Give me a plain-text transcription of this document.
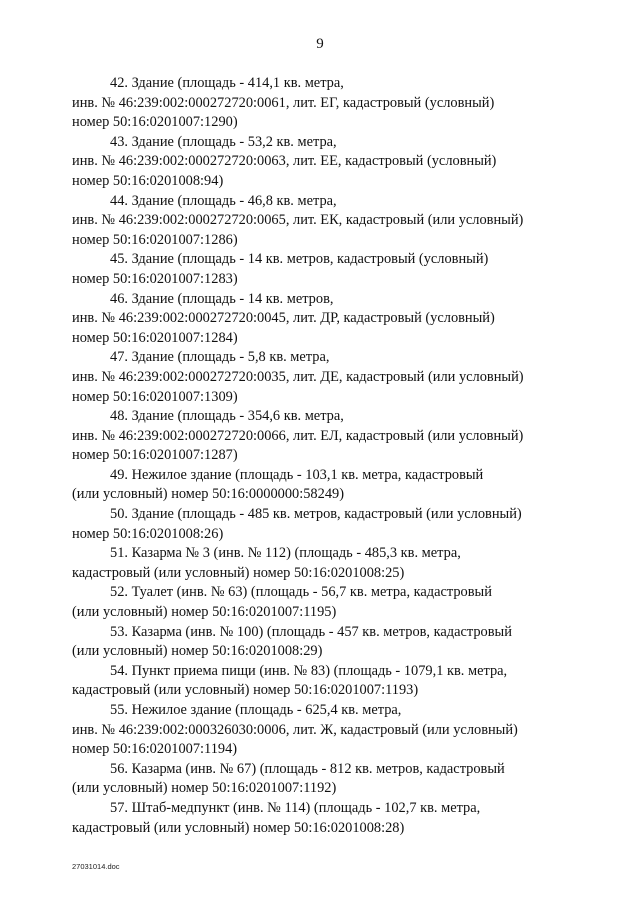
9
42. Здание (площадь - 414,1 кв. метра,
инв. № 46:239:002:000272720:0061, лит. ЕГ, кадастровый (условный)
номер 50:16:0201007:1290)
43. Здание (площадь - 53,2 кв. метра,
инв. № 46:239:002:000272720:0063, лит. ЕЕ, кадастровый (условный)
номер 50:16:0201008:94)
44. Здание (площадь - 46,8 кв. метра,
инв. № 46:239:002:000272720:0065, лит. ЕК, кадастровый (или условный)
номер 50:16:0201007:1286)
45. Здание (площадь - 14 кв. метров, кадастровый (условный)
номер 50:16:0201007:1283)
46. Здание (площадь - 14 кв. метров,
инв. № 46:239:002:000272720:0045, лит. ДР, кадастровый (условный)
номер 50:16:0201007:1284)
47. Здание (площадь - 5,8 кв. метра,
инв. № 46:239:002:000272720:0035, лит. ДЕ, кадастровый (или условный)
номер 50:16:0201007:1309)
48. Здание (площадь - 354,6 кв. метра,
инв. № 46:239:002:000272720:0066, лит. ЕЛ, кадастровый (или условный)
номер 50:16:0201007:1287)
49. Нежилое здание (площадь - 103,1 кв. метра, кадастровый
(или условный) номер 50:16:0000000:58249)
50. Здание (площадь - 485 кв. метров, кадастровый (или условный)
номер 50:16:0201008:26)
51. Казарма № 3 (инв. № 112) (площадь - 485,3 кв. метра,
кадастровый (или условный) номер 50:16:0201008:25)
52. Туалет (инв. № 63) (площадь - 56,7 кв. метра, кадастровый
(или условный) номер 50:16:0201007:1195)
53. Казарма (инв. № 100) (площадь - 457 кв. метров, кадастровый
(или условный) номер 50:16:0201008:29)
54. Пункт приема пищи (инв. № 83) (площадь - 1079,1 кв. метра,
кадастровый (или условный) номер 50:16:0201007:1193)
55. Нежилое здание (площадь - 625,4 кв. метра,
инв. № 46:239:002:000326030:0006, лит. Ж, кадастровый (или условный)
номер 50:16:0201007:1194)
56. Казарма (инв. № 67) (площадь - 812 кв. метров, кадастровый
(или условный) номер 50:16:0201007:1192)
57. Штаб-медпункт (инв. № 114) (площадь - 102,7 кв. метра,
кадастровый (или условный) номер 50:16:0201008:28)
27031014.doc
